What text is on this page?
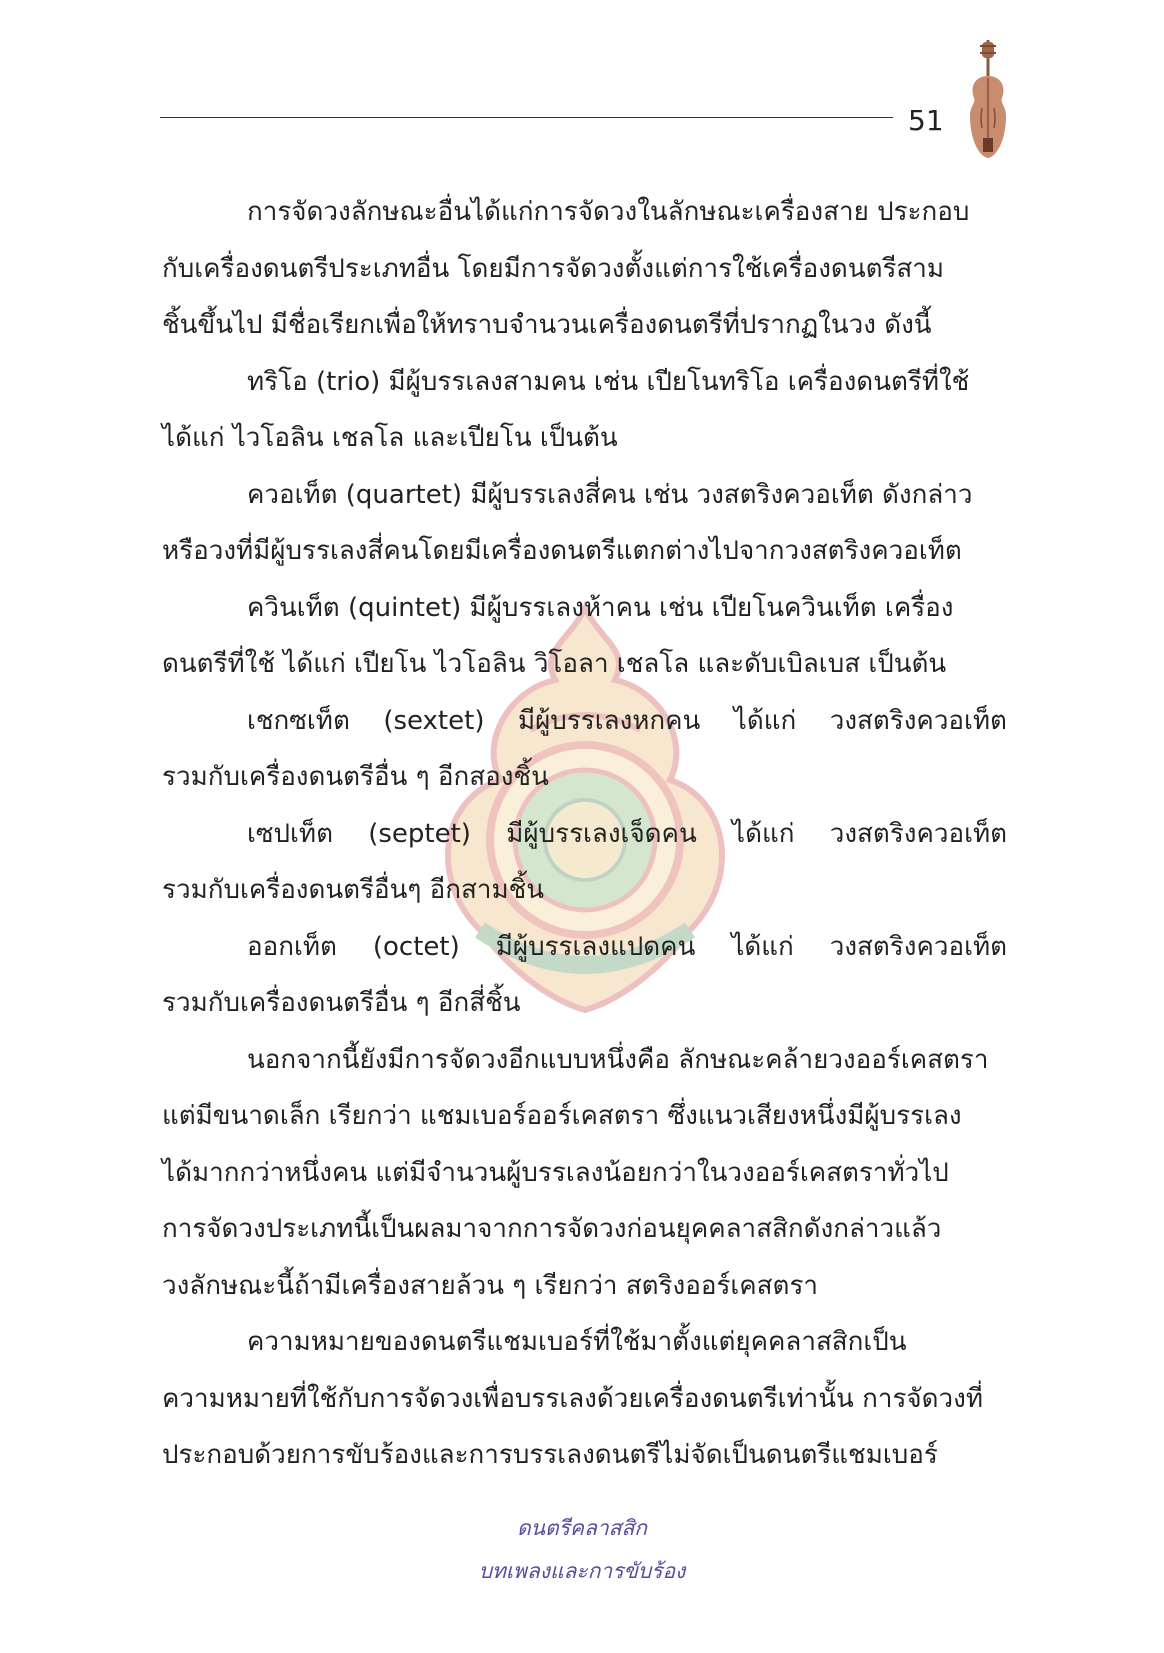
51
การจัดวงลักษณะอื่นได้แก่การจัดวงในลักษณะเครื่องสาย ประกอบ
กับเครื่องดนตรีประเภทอื่น โดยมีการจัดวงตั้งแต่การใช้เครื่องดนตรีสาม
ชิ้นขึ้นไป มีชื่อเรียกเพื่อให้ทราบจำนวนเครื่องดนตรีที่ปรากฏในวง ดังนี้
ทริโอ (trio) มีผู้บรรเลงสามคน เช่น เปียโนทริโอ เครื่องดนตรีที่ใช้
ได้แก่ ไวโอลิน เชลโล และเปียโน เป็นต้น
ควอเท็ต (quartet) มีผู้บรรเลงสี่คน เช่น วงสตริงควอเท็ต ดังกล่าว
หรือวงที่มีผู้บรรเลงสี่คนโดยมีเครื่องดนตรีแตกต่างไปจากวงสตริงควอเท็ต
ควินเท็ต (quintet) มีผู้บรรเลงห้าคน เช่น เปียโนควินเท็ต เครื่อง
ดนตรีที่ใช้ ได้แก่ เปียโน ไวโอลิน วิโอลา เชลโล และดับเบิลเบส เป็นต้น
เชกซเท็ต (sextet) มีผู้บรรเลงหกคน ได้แก่ วงสตริงควอเท็ต
รวมกับเครื่องดนตรีอื่น ๆ อีกสองชิ้น
เซปเท็ต (septet) มีผู้บรรเลงเจ็ดคน ได้แก่ วงสตริงควอเท็ต
รวมกับเครื่องดนตรีอื่นๆ อีกสามชิ้น
ออกเท็ต (octet) มีผู้บรรเลงแปดคน ได้แก่ วงสตริงควอเท็ต
รวมกับเครื่องดนตรีอื่น ๆ อีกสี่ชิ้น
นอกจากนี้ยังมีการจัดวงอีกแบบหนึ่งคือ ลักษณะคล้ายวงออร์เคสตรา
แต่มีขนาดเล็ก เรียกว่า แชมเบอร์ออร์เคสตรา ซึ่งแนวเสียงหนึ่งมีผู้บรรเลง
ได้มากกว่าหนึ่งคน แต่มีจำนวนผู้บรรเลงน้อยกว่าในวงออร์เคสตราทั่วไป
การจัดวงประเภทนี้เป็นผลมาจากการจัดวงก่อนยุคคลาสสิกดังกล่าวแล้ว
วงลักษณะนี้ถ้ามีเครื่องสายล้วน ๆ เรียกว่า สตริงออร์เคสตรา
ความหมายของดนตรีแชมเบอร์ที่ใช้มาตั้งแต่ยุคคลาสสิกเป็น
ความหมายที่ใช้กับการจัดวงเพื่อบรรเลงด้วยเครื่องดนตรีเท่านั้น การจัดวงที่
ประกอบด้วยการขับร้องและการบรรเลงดนตรีไม่จัดเป็นดนตรีแชมเบอร์
ดนตรีคลาสสิก
บทเพลงและการขับร้อง
